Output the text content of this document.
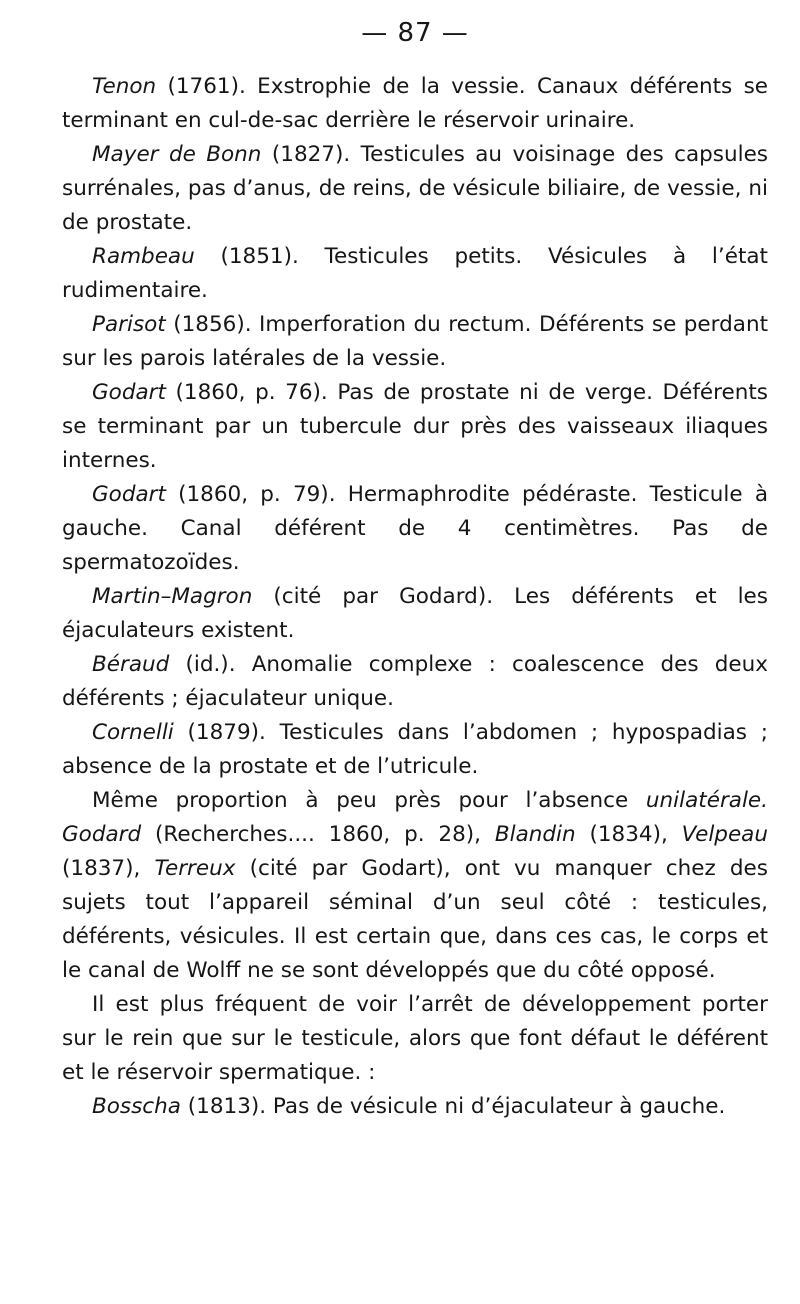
— 87 —

Tenon (1761). Exstrophie de la vessie. Canaux déférents se terminant en cul-de-sac derrière le réservoir urinaire.

Mayer de Bonn (1827). Testicules au voisinage des capsules surrénales, pas d’anus, de reins, de vésicule biliaire, de vessie, ni de prostate.

Rambeau (1851). Testicules petits. Vésicules à l’état rudimentaire.

Parisot (1856). Imperforation du rectum. Déférents se perdant sur les parois latérales de la vessie.

Godart (1860, p. 76). Pas de prostate ni de verge. Déférents se terminant par un tubercule dur près des vaisseaux iliaques internes.

Godart (1860, p. 79). Hermaphrodite pédéraste. Testicule à gauche. Canal déférent de 4 centimètres. Pas de spermatozoïdes.

Martin–Magron (cité par Godard). Les déférents et les éjaculateurs existent.

Béraud (id.). Anomalie complexe : coalescence des deux déférents ; éjaculateur unique.

Cornelli (1879). Testicules dans l’abdomen ; hypospadias ; absence de la prostate et de l’utricule.

Même proportion à peu près pour l’absence unilatérale. Godard (Recherches.... 1860, p. 28), Blandin (1834), Velpeau (1837), Terreux (cité par Godart), ont vu manquer chez des sujets tout l’appareil séminal d’un seul côté : testicules, déférents, vésicules. Il est certain que, dans ces cas, le corps et le canal de Wolff ne se sont développés que du côté opposé.

Il est plus fréquent de voir l’arrêt de développement porter sur le rein que sur le testicule, alors que font défaut le déférent et le réservoir spermatique. :

Bosscha (1813). Pas de vésicule ni d’éjaculateur à gauche.
